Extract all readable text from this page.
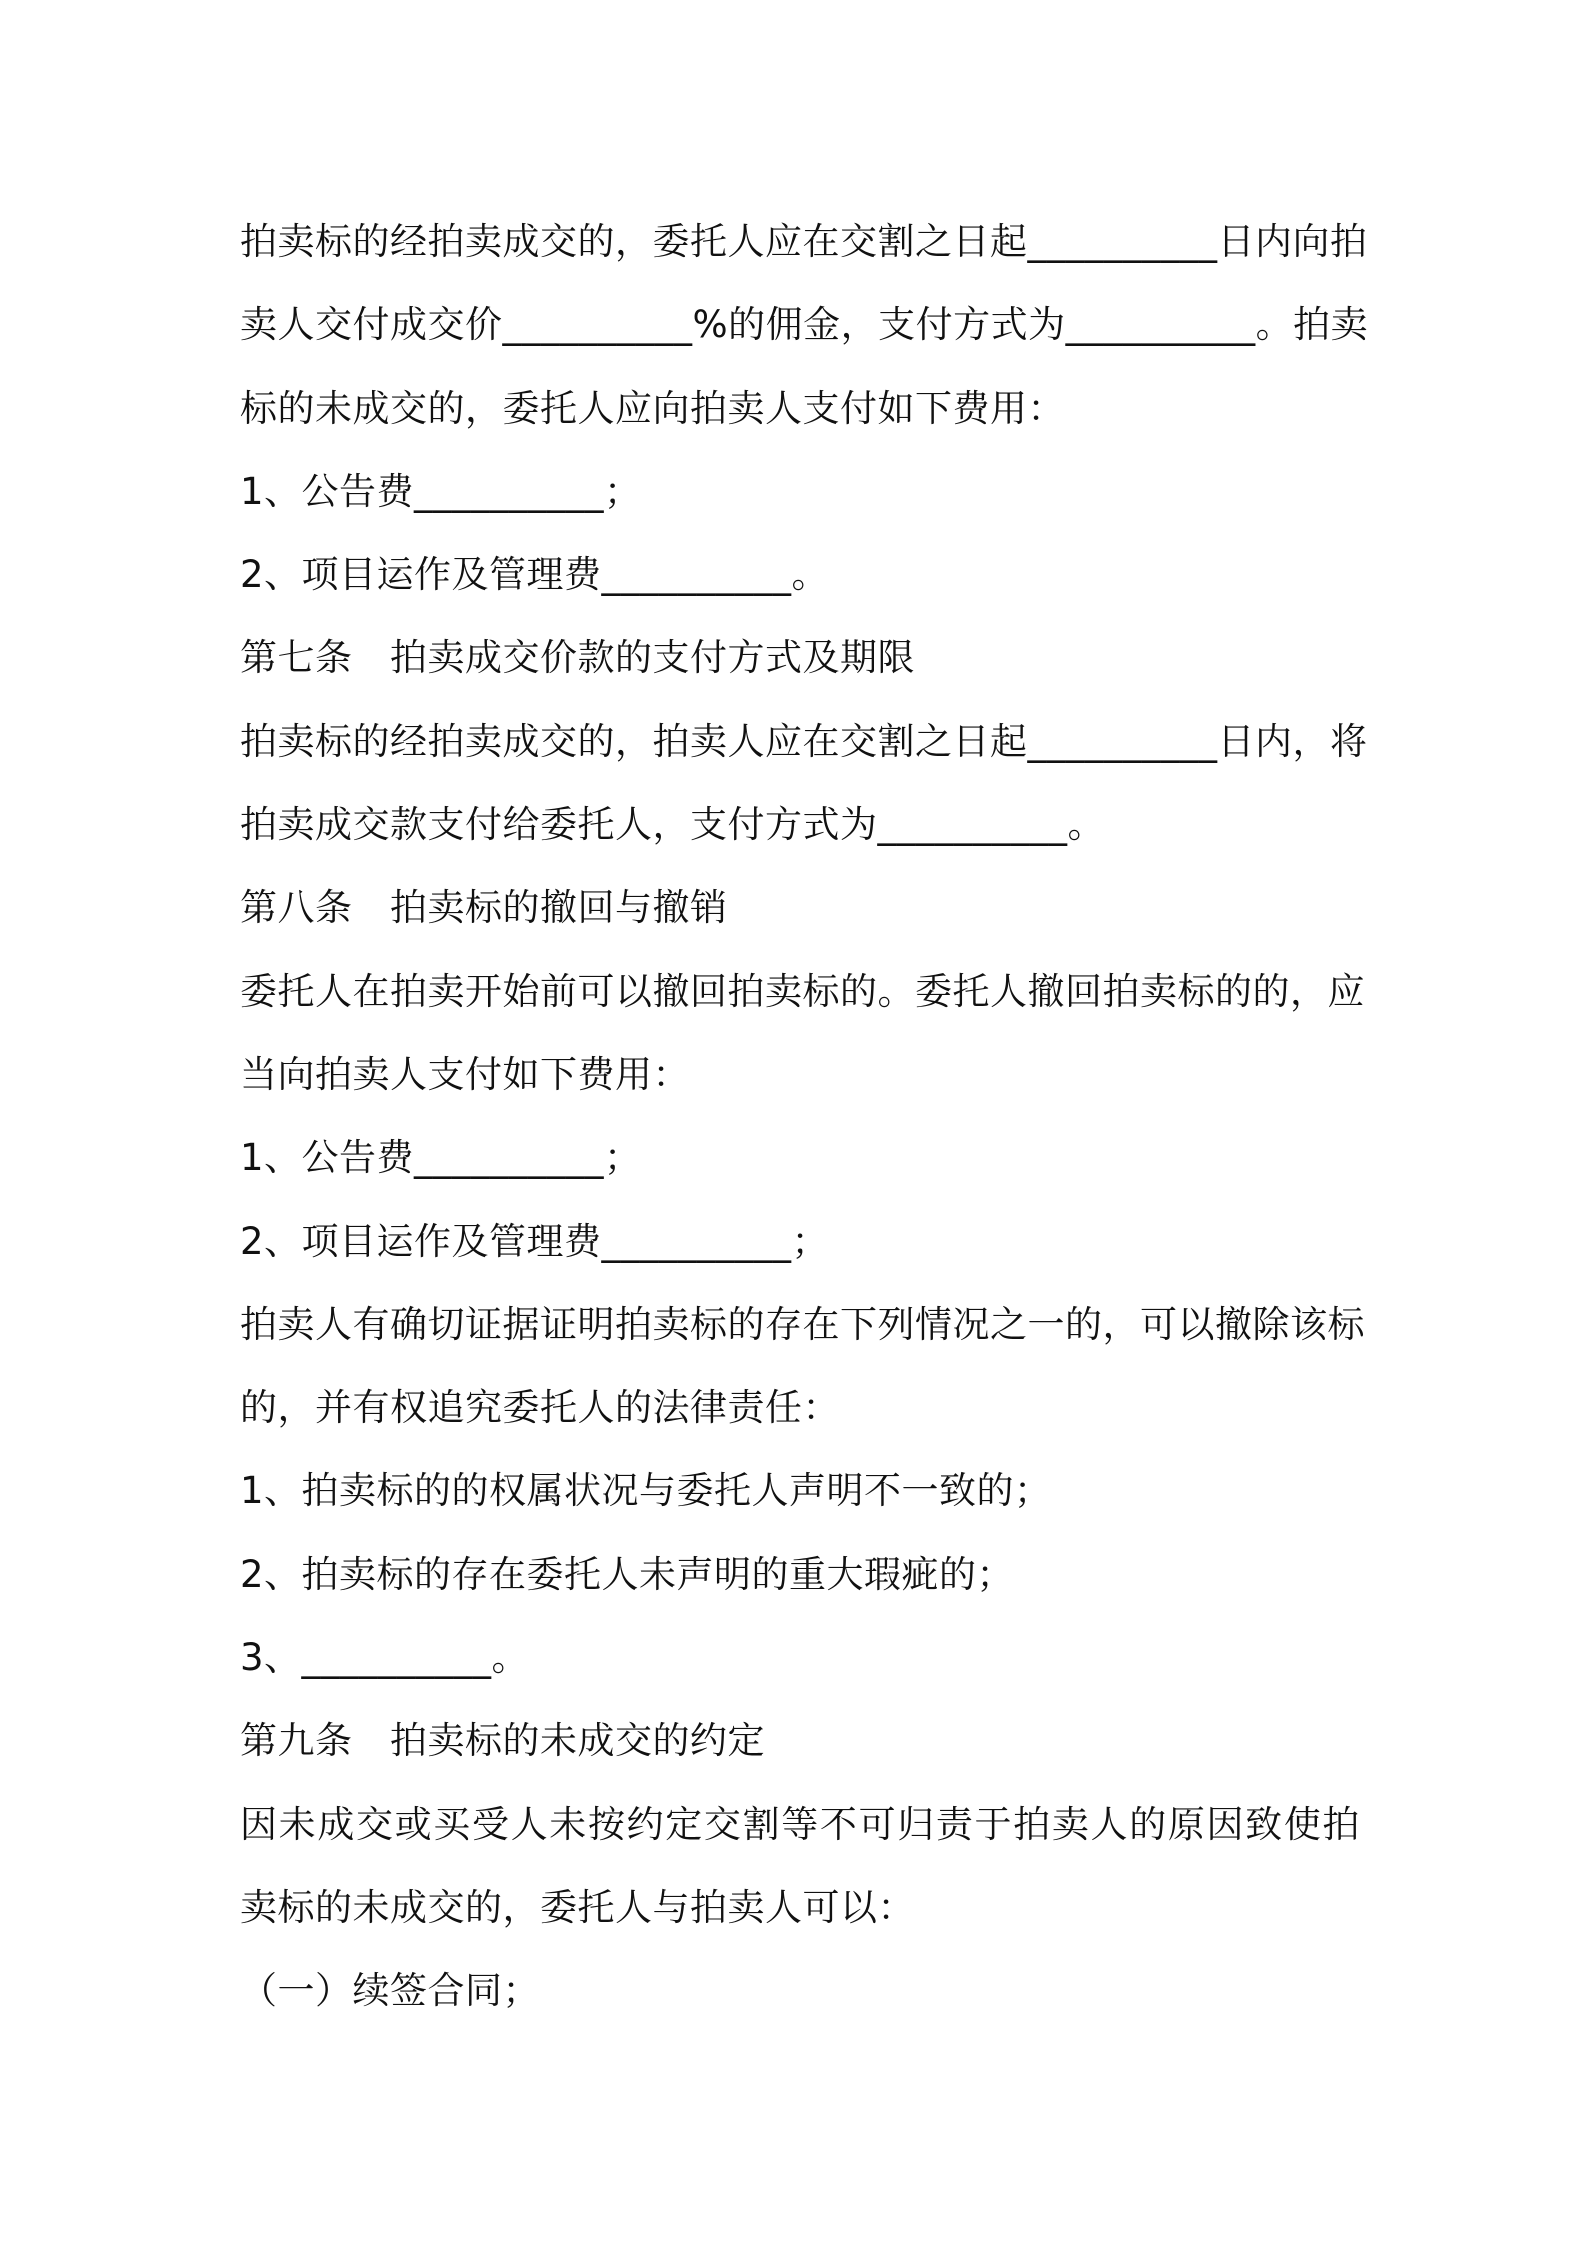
拍卖标的经拍卖成交的，委托人应在交割之日起__________日内向拍

卖人交付成交价__________%的佣金，支付方式为__________。拍卖

标的未成交的，委托人应向拍卖人支付如下费用：

1、公告费__________；

2、项目运作及管理费__________。

第七条 拍卖成交价款的支付方式及期限

拍卖标的经拍卖成交的，拍卖人应在交割之日起__________日内，将

拍卖成交款支付给委托人，支付方式为__________。

第八条 拍卖标的撤回与撤销

委托人在拍卖开始前可以撤回拍卖标的。委托人撤回拍卖标的的，应

当向拍卖人支付如下费用：

1、公告费__________；

2、项目运作及管理费__________；

拍卖人有确切证据证明拍卖标的存在下列情况之一的，可以撤除该标

的，并有权追究委托人的法律责任：

1、拍卖标的的权属状况与委托人声明不一致的；

2、拍卖标的存在委托人未声明的重大瑕疵的；

3、__________。

第九条 拍卖标的未成交的约定

因未成交或买受人未按约定交割等不可归责于拍卖人的原因致使拍

卖标的未成交的，委托人与拍卖人可以：

（一）续签合同；
